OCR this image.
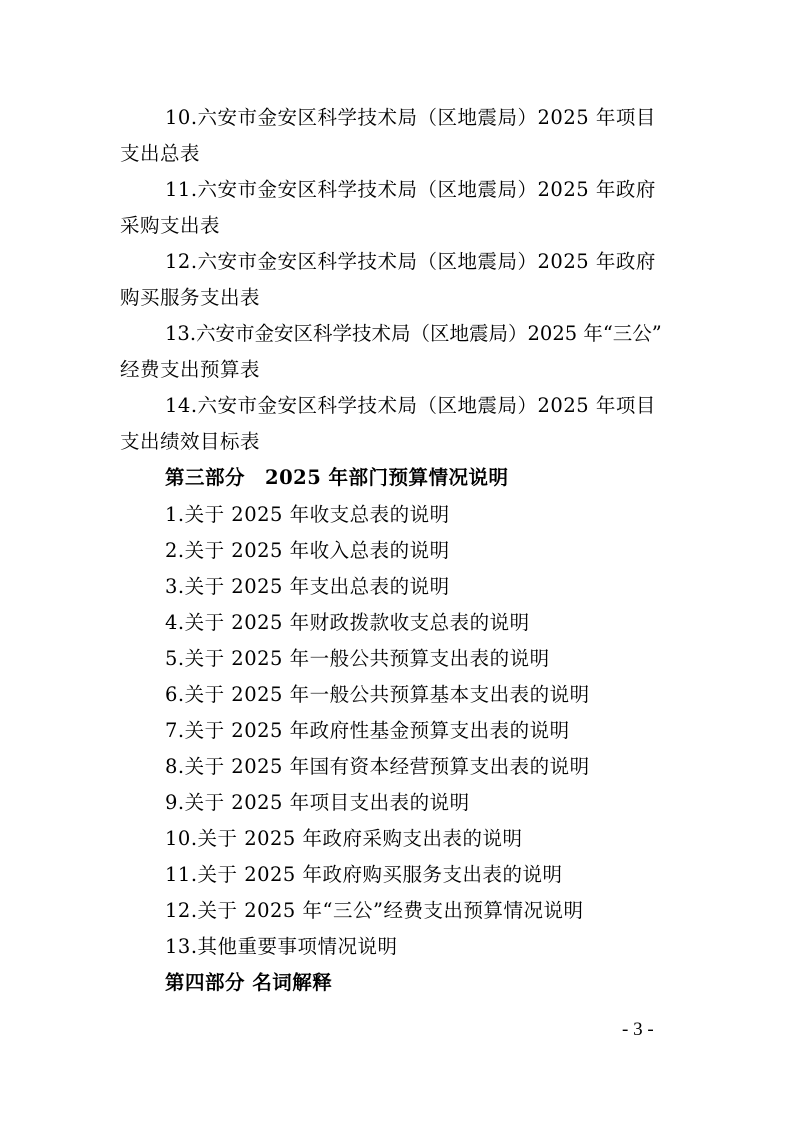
10.六安市金安区科学技术局（区地震局）2025 年项目
支出总表
11.六安市金安区科学技术局（区地震局）2025 年政府
采购支出表
12.六安市金安区科学技术局（区地震局）2025 年政府
购买服务支出表
13.六安市金安区科学技术局（区地震局）2025 年“三公”
经费支出预算表
14.六安市金安区科学技术局（区地震局）2025 年项目
支出绩效目标表
第三部分　2025 年部门预算情况说明
1.关于 2025 年收支总表的说明
2.关于 2025 年收入总表的说明
3.关于 2025 年支出总表的说明
4.关于 2025 年财政拨款收支总表的说明
5.关于 2025 年一般公共预算支出表的说明
6.关于 2025 年一般公共预算基本支出表的说明
7.关于 2025 年政府性基金预算支出表的说明
8.关于 2025 年国有资本经营预算支出表的说明
9.关于 2025 年项目支出表的说明
10.关于 2025 年政府采购支出表的说明
11.关于 2025 年政府购买服务支出表的说明
12.关于 2025 年“三公”经费支出预算情况说明
13.其他重要事项情况说明
第四部分 名词解释
- 3 -
